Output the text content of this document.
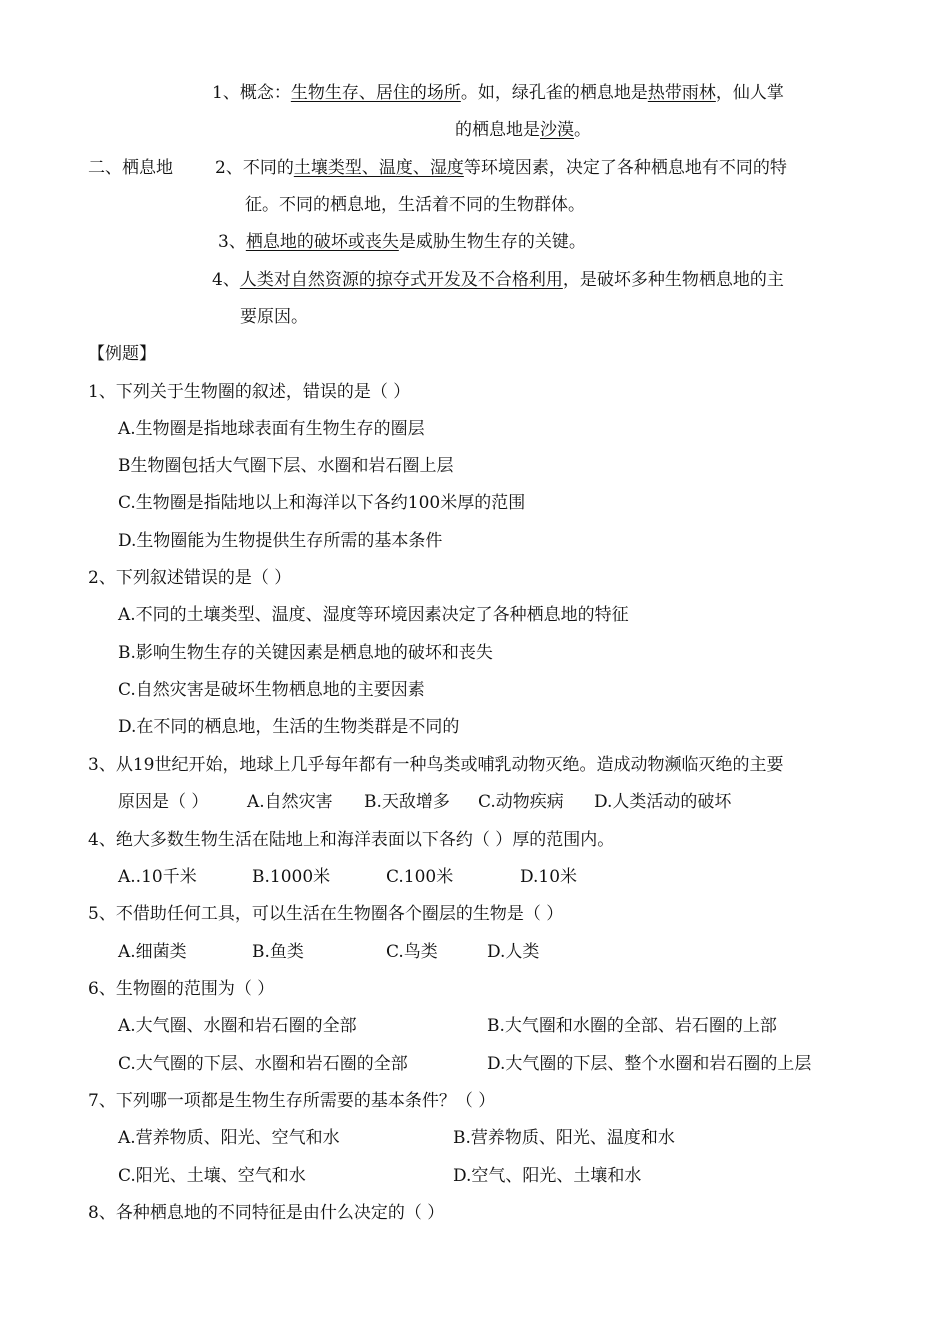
1、概念：生物生存、居住的场所。如，绿孔雀的栖息地是热带雨林，仙人掌
的栖息地是沙漠。
二、栖息地 2、不同的土壤类型、温度、湿度等环境因素，决定了各种栖息地有不同的特
征。不同的栖息地，生活着不同的生物群体。
3、栖息地的破坏或丧失是威胁生物生存的关键。
4、人类对自然资源的掠夺式开发及不合格利用，是破坏多种生物栖息地的主
要原因。
【例题】
1、下列关于生物圈的叙述，错误的是（ ）
A.生物圈是指地球表面有生物生存的圈层
B生物圈包括大气圈下层、水圈和岩石圈上层
C.生物圈是指陆地以上和海洋以下各约100米厚的范围
D.生物圈能为生物提供生存所需的基本条件
2、下列叙述错误的是（ ）
A.不同的土壤类型、温度、湿度等环境因素决定了各种栖息地的特征
B.影响生物生存的关键因素是栖息地的破坏和丧失
C.自然灾害是破坏生物栖息地的主要因素
D.在不同的栖息地，生活的生物类群是不同的
3、从19世纪开始，地球上几乎每年都有一种鸟类或哺乳动物灭绝。造成动物濒临灭绝的主要
原因是（ ） A.自然灾害 B.天敌增多 C.动物疾病 D.人类活动的破坏
4、绝大多数生物生活在陆地上和海洋表面以下各约（ ）厚的范围内。
A..10千米	B.1000米	C.100米	D.10米
5、不借助任何工具，可以生活在生物圈各个圈层的生物是（ ）
A.细菌类	B.鱼类	C.鸟类	D.人类
6、生物圈的范围为（ ）
A.大气圈、水圈和岩石圈的全部	B.大气圈和水圈的全部、岩石圈的上部
C.大气圈的下层、水圈和岩石圈的全部	D.大气圈的下层、整个水圈和岩石圈的上层
7、下列哪一项都是生物生存所需要的基本条件？（ ）
A.营养物质、阳光、空气和水	B.营养物质、阳光、温度和水
C.阳光、土壤、空气和水	D.空气、阳光、土壤和水
8、各种栖息地的不同特征是由什么决定的（ ）
